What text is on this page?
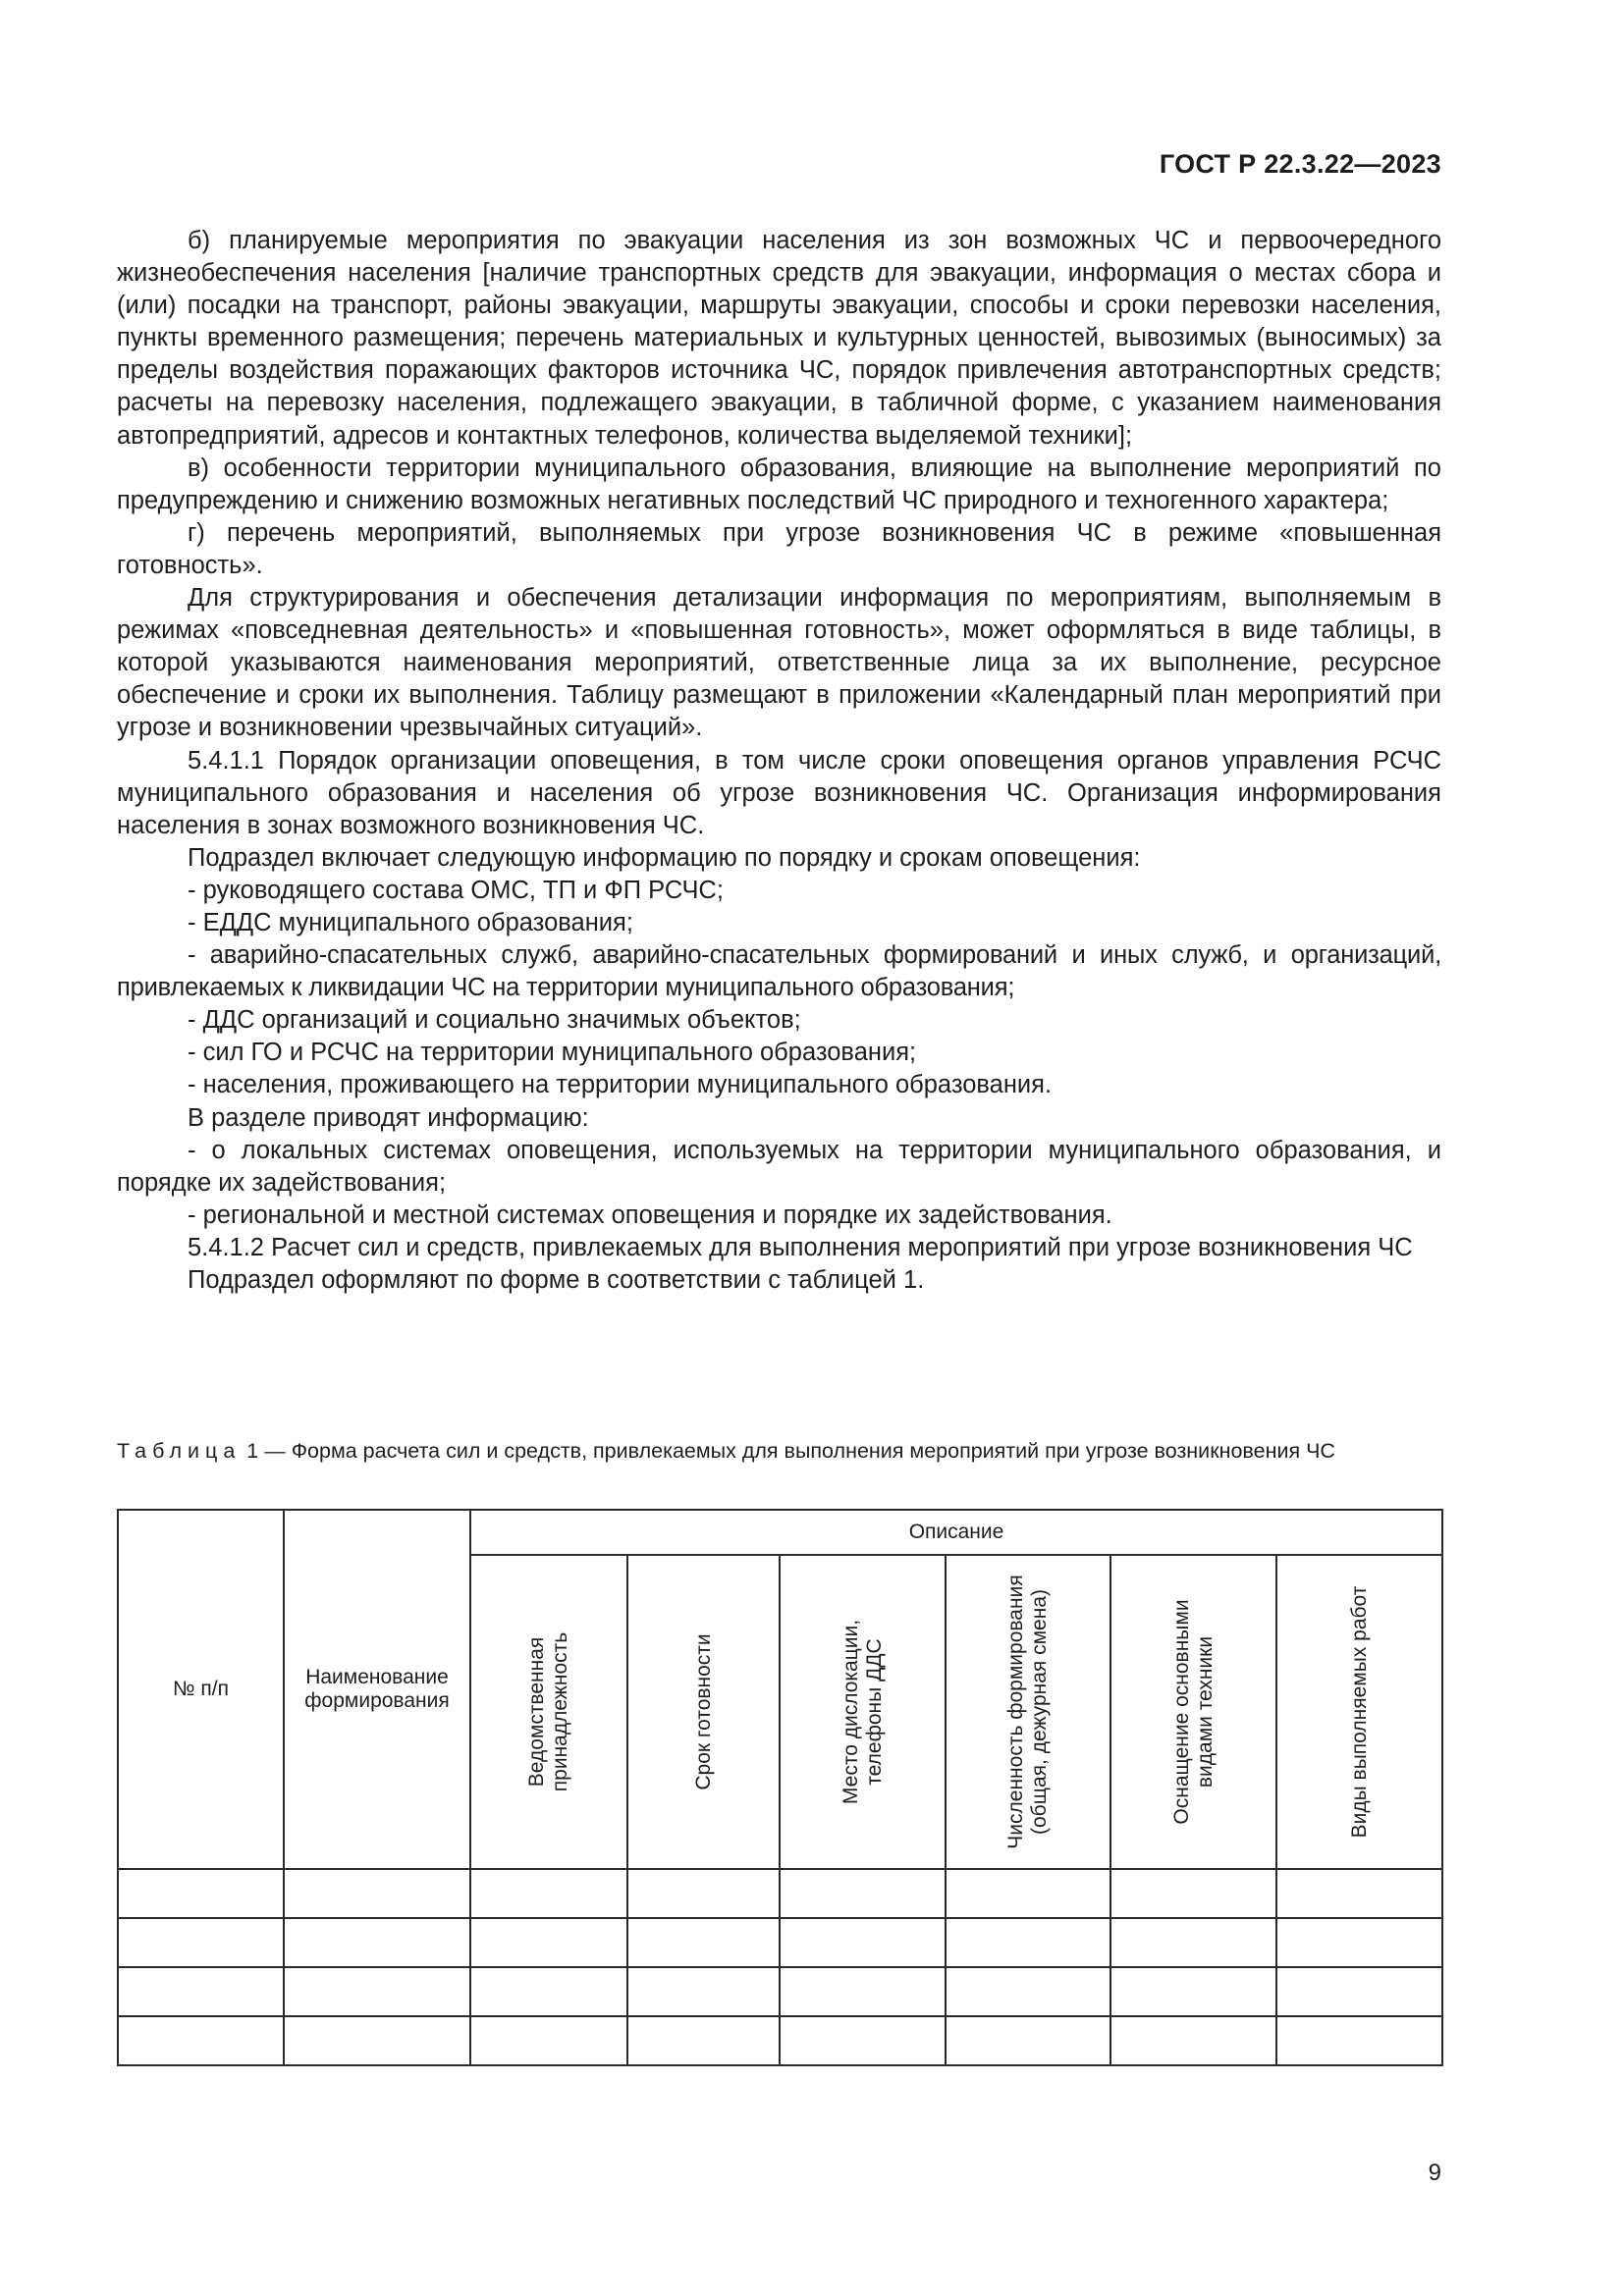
ГОСТ Р 22.3.22—2023

б) планируемые мероприятия по эвакуации населения из зон возможных ЧС и первоочередного жизнеобеспечения населения [наличие транспортных средств для эвакуации, информация о местах сбора и (или) посадки на транспорт, районы эвакуации, маршруты эвакуации, способы и сроки перевозки населения, пункты временного размещения; перечень материальных и культурных ценностей, вывозимых (выносимых) за пределы воздействия поражающих факторов источника ЧС, порядок привлечения автотранспортных средств; расчеты на перевозку населения, подлежащего эвакуации, в табличной форме, с указанием наименования автопредприятий, адресов и контактных телефонов, количества выделяемой техники];

в) особенности территории муниципального образования, влияющие на выполнение мероприятий по предупреждению и снижению возможных негативных последствий ЧС природного и техногенного характера;

г) перечень мероприятий, выполняемых при угрозе возникновения ЧС в режиме «повышенная готовность».

Для структурирования и обеспечения детализации информация по мероприятиям, выполняемым в режимах «повседневная деятельность» и «повышенная готовность», может оформляться в виде таблицы, в которой указываются наименования мероприятий, ответственные лица за их выполнение, ресурсное обеспечение и сроки их выполнения. Таблицу размещают в приложении «Календарный план мероприятий при угрозе и возникновении чрезвычайных ситуаций».

5.4.1.1 Порядок организации оповещения, в том числе сроки оповещения органов управления РСЧС муниципального образования и населения об угрозе возникновения ЧС. Организация информирования населения в зонах возможного возникновения ЧС.

Подраздел включает следующую информацию по порядку и срокам оповещения:

- руководящего состава ОМС, ТП и ФП РСЧС;

- ЕДДС муниципального образования;

- аварийно-спасательных служб, аварийно-спасательных формирований и иных служб, и организаций, привлекаемых к ликвидации ЧС на территории муниципального образования;

- ДДС организаций и социально значимых объектов;

- сил ГО и РСЧС на территории муниципального образования;

- населения, проживающего на территории муниципального образования.

В разделе приводят информацию:

- о локальных системах оповещения, используемых на территории муниципального образования, и порядке их задействования;

- региональной и местной системах оповещения и порядке их задействования.

5.4.1.2 Расчет сил и средств, привлекаемых для выполнения мероприятий при угрозе возникновения ЧС

Подраздел оформляют по форме в соответствии с таблицей 1.

Таблица 1 — Форма расчета сил и средств, привлекаемых для выполнения мероприятий при угрозе возникновения ЧС
№ п/п	Наименование формирования	Описание					

		Ведомственная принадлежность	Срок готовности	Место дислокации, телефоны ДДС	Численность формирования (общая, дежурная смена)	Оснащение основными видами техники	Виды выполняемых работ

9
